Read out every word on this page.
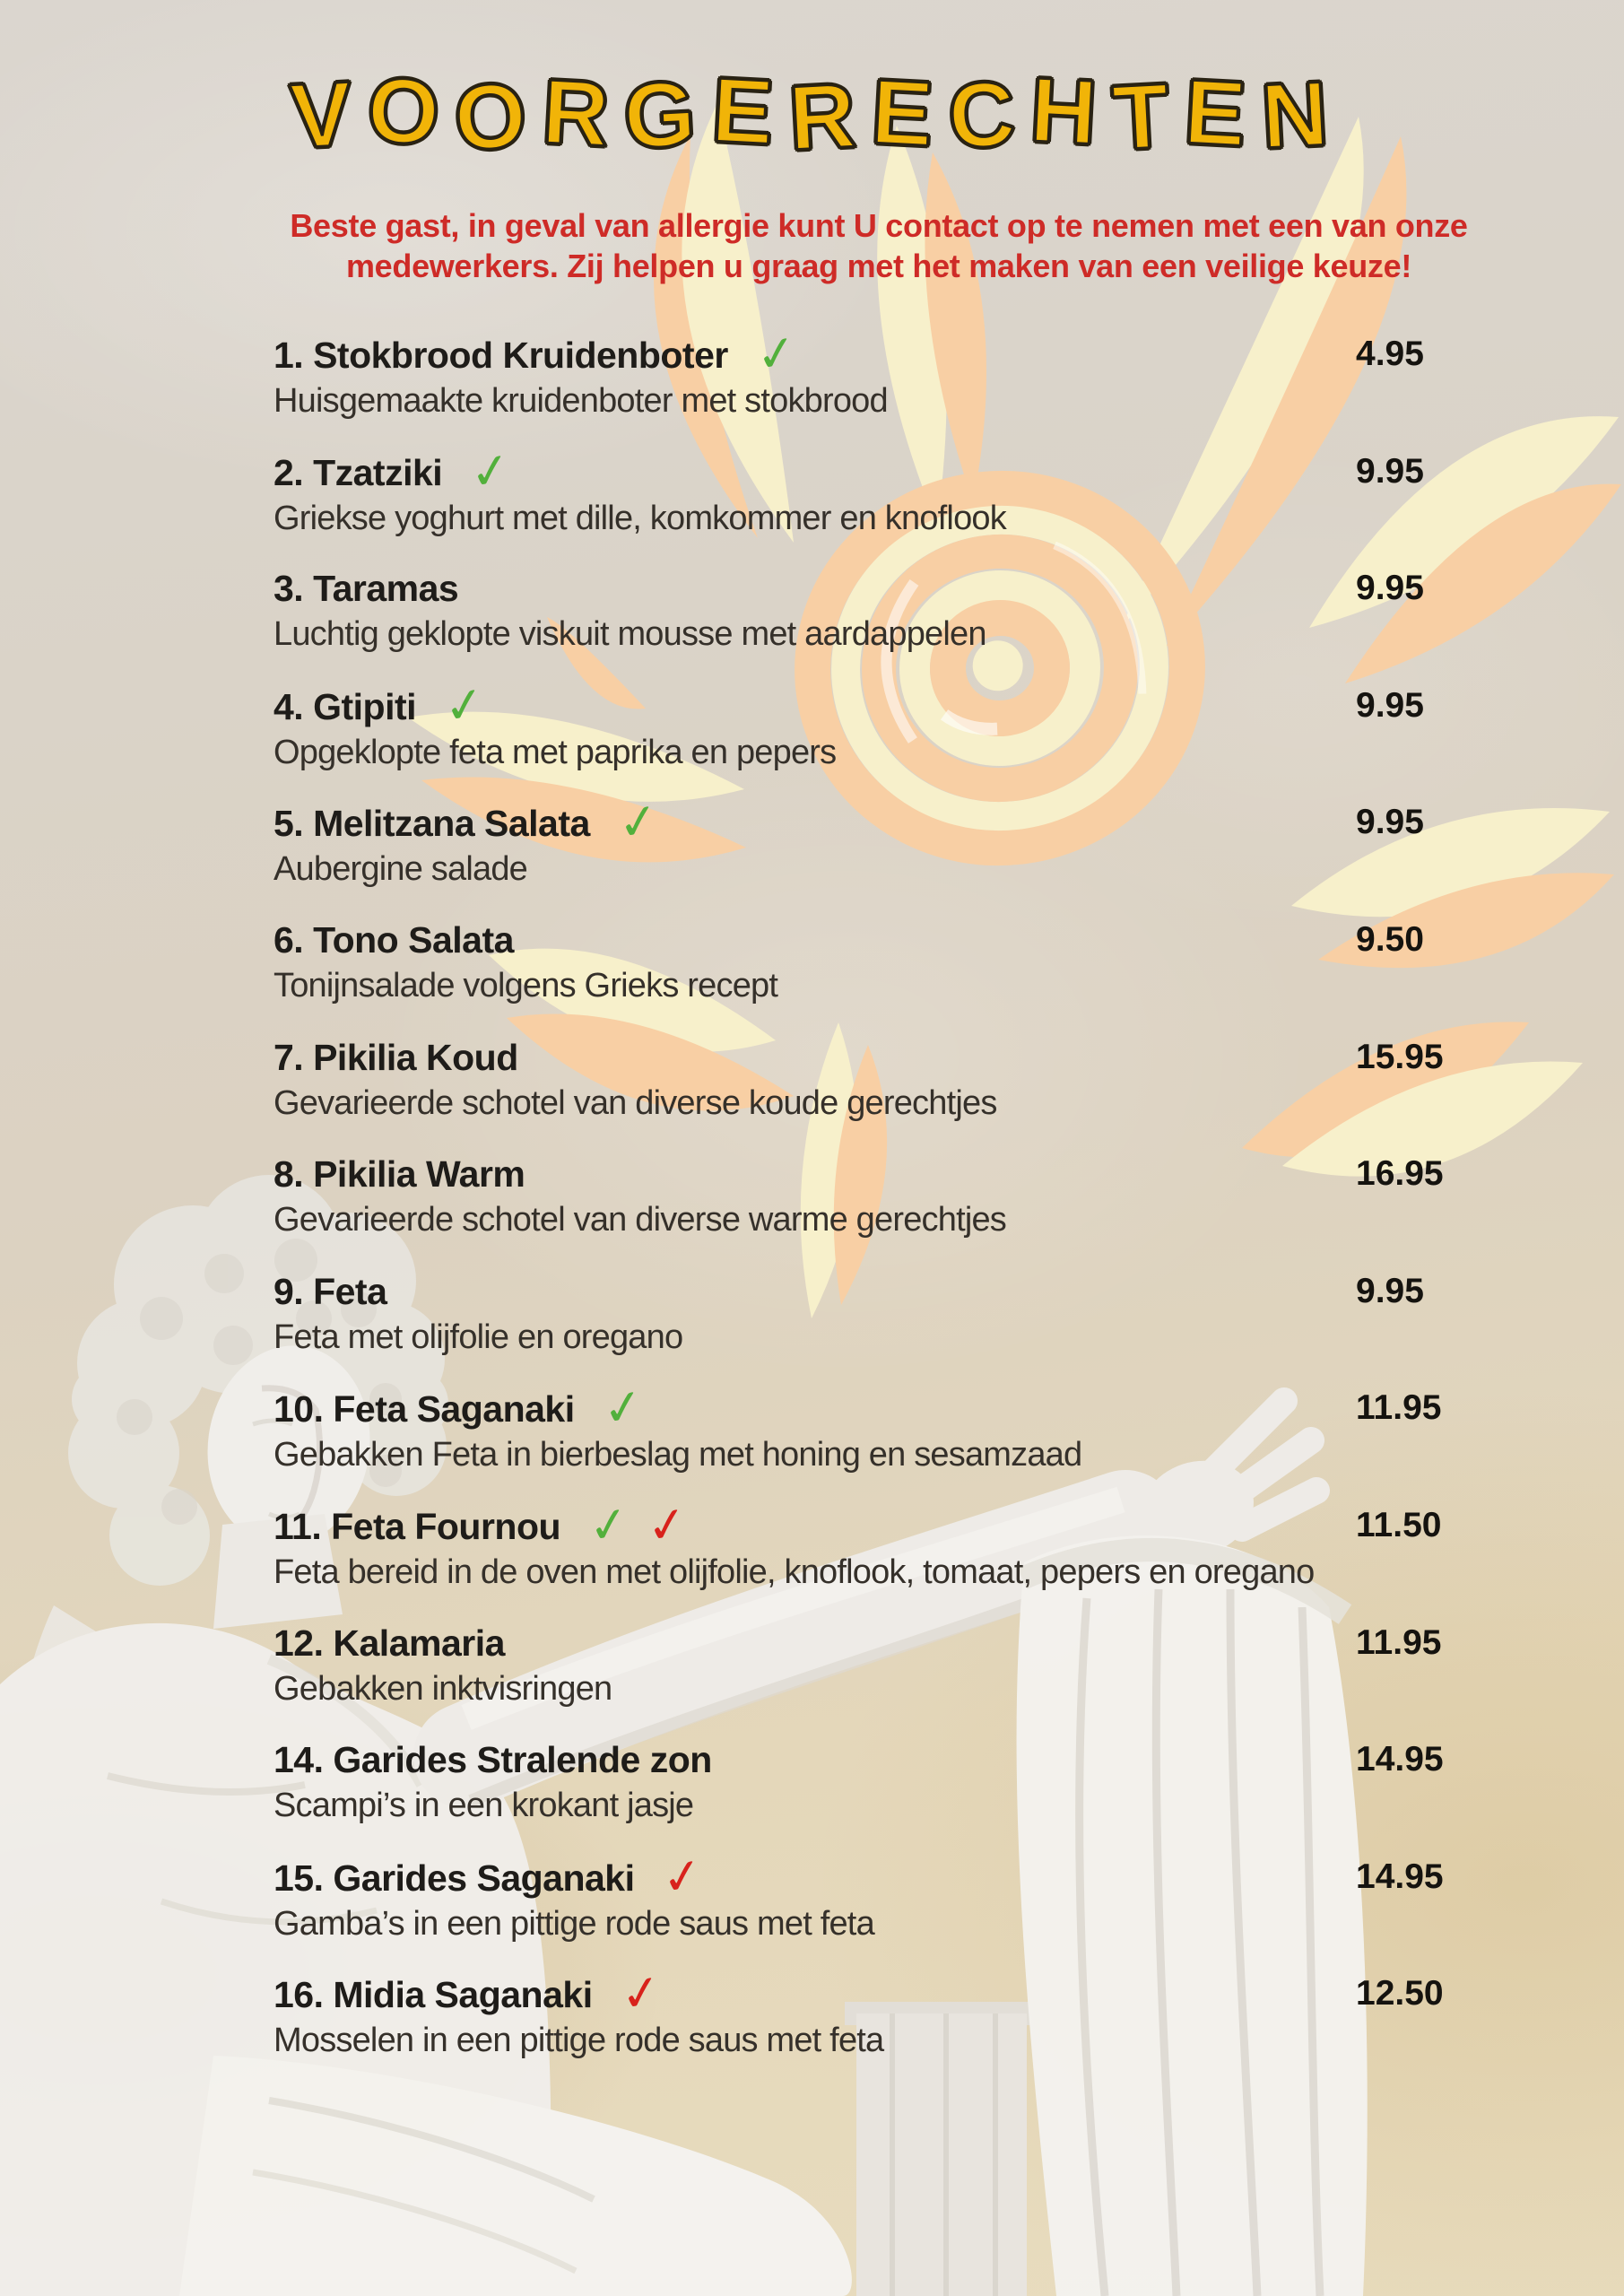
VOORGERECHTEN
Beste gast, in geval van allergie kunt U contact op te nemen met een van onze
medewerkers. Zij helpen u graag met het maken van een veilige keuze!
1. Stokbrood Kruidenboter ✓
Huisgemaakte kruidenboter met stokbrood
4.95
2. Tzatziki ✓
Griekse yoghurt met dille, komkommer en knoflook
9.95
3. Taramas
Luchtig geklopte viskuit mousse met aardappelen
9.95
4. Gtipiti ✓
Opgeklopte feta met paprika en pepers
9.95
5. Melitzana Salata ✓
Aubergine salade
9.95
6. Tono Salata
Tonijnsalade volgens Grieks recept
9.50
7. Pikilia Koud
Gevarieerde schotel van diverse koude gerechtjes
15.95
8. Pikilia Warm
Gevarieerde schotel van diverse warme gerechtjes
16.95
9. Feta
Feta met olijfolie en oregano
9.95
10. Feta Saganaki ✓
Gebakken Feta in bierbeslag met honing en sesamzaad
11.95
11. Feta Fournou ✓ ✓
Feta bereid in de oven met olijfolie, knoflook, tomaat, pepers en oregano
11.50
12. Kalamaria
Gebakken inktvisringen
11.95
14. Garides Stralende zon
Scampi’s in een krokant jasje
14.95
15. Garides Saganaki ✓
Gamba’s in een pittige rode saus met feta
14.95
16. Midia Saganaki ✓
Mosselen in een pittige rode saus met feta
12.50
